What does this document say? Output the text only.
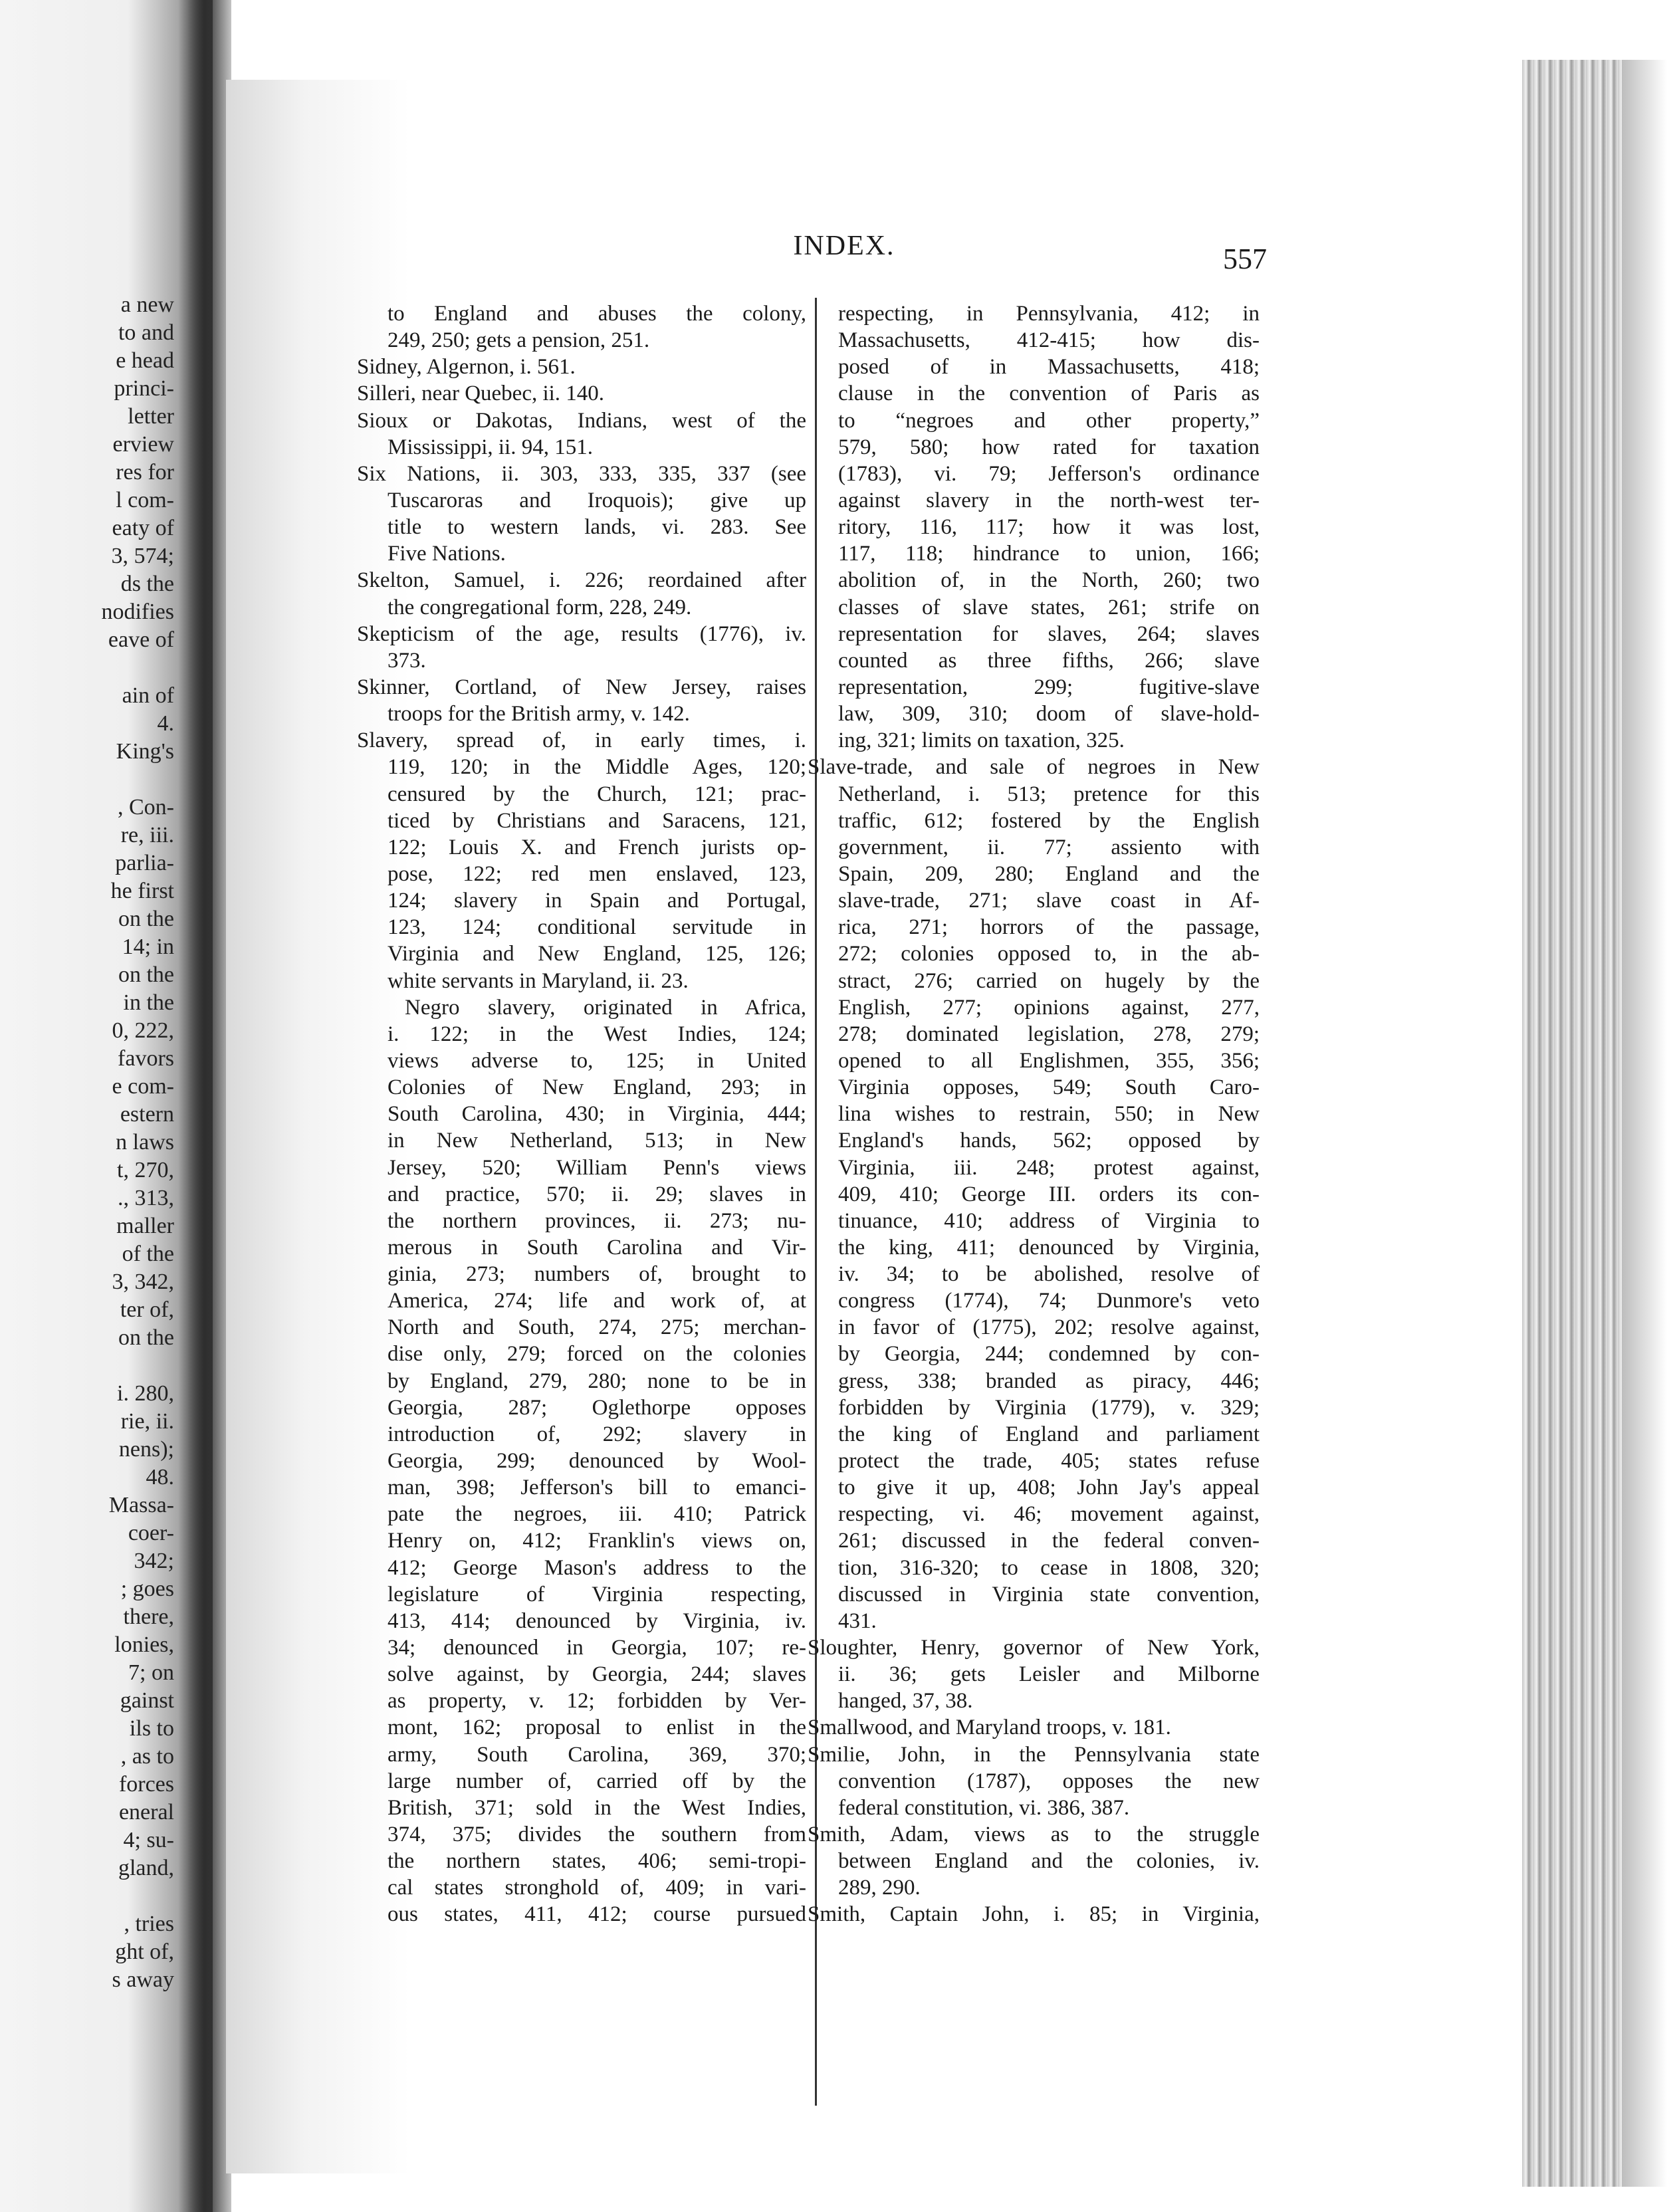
a new
to and
e head
princi-
letter
erview
res for
l com-
eaty of
3, 574;
ds the
nodifies
eave of
ain of
4.
King's
, Con-
re, iii.
parlia-
he first
on the
14; in
on the
in the
0, 222,
favors
e com-
estern
n laws
t, 270,
., 313,
maller
of the
3, 342,
ter of,
on the
i. 280,
rie, ii.
nens);
48.
Massa-
coer-
342;
; goes
there,
lonies,
7; on
gainst
ils to
, as to
forces
eneral
4; su-
gland,
, tries
ght of,
s away
INDEX.	557
to England and abuses the colony,
249, 250; gets a pension, 251.
Sidney, Algernon, i. 561.
Silleri, near Quebec, ii. 140.
Sioux or Dakotas, Indians, west of the
Mississippi, ii. 94, 151.
Six Nations, ii. 303, 333, 335, 337 (see
Tuscaroras and Iroquois); give up
title to western lands, vi. 283. See
Five Nations.
Skelton, Samuel, i. 226; reordained after
the congregational form, 228, 249.
Skepticism of the age, results (1776), iv.
373.
Skinner, Cortland, of New Jersey, raises
troops for the British army, v. 142.
Slavery, spread of, in early times, i.
119, 120; in the Middle Ages, 120;
censured by the Church, 121; prac-
ticed by Christians and Saracens, 121,
122; Louis X. and French jurists op-
pose, 122; red men enslaved, 123,
124; slavery in Spain and Portugal,
123, 124; conditional servitude in
Virginia and New England, 125, 126;
white servants in Maryland, ii. 23.
Negro slavery, originated in Africa,
i. 122; in the West Indies, 124;
views adverse to, 125; in United
Colonies of New England, 293; in
South Carolina, 430; in Virginia, 444;
in New Netherland, 513; in New
Jersey, 520; William Penn's views
and practice, 570; ii. 29; slaves in
the northern provinces, ii. 273; nu-
merous in South Carolina and Vir-
ginia, 273; numbers of, brought to
America, 274; life and work of, at
North and South, 274, 275; merchan-
dise only, 279; forced on the colonies
by England, 279, 280; none to be in
Georgia, 287; Oglethorpe opposes
introduction of, 292; slavery in
Georgia, 299; denounced by Wool-
man, 398; Jefferson's bill to emanci-
pate the negroes, iii. 410; Patrick
Henry on, 412; Franklin's views on,
412; George Mason's address to the
legislature of Virginia respecting,
413, 414; denounced by Virginia, iv.
34; denounced in Georgia, 107; re-
solve against, by Georgia, 244; slaves
as property, v. 12; forbidden by Ver-
mont, 162; proposal to enlist in the
army, South Carolina, 369, 370;
large number of, carried off by the
British, 371; sold in the West Indies,
374, 375; divides the southern from
the northern states, 406; semi-tropi-
cal states stronghold of, 409; in vari-
ous states, 411, 412; course pursued
respecting, in Pennsylvania, 412; in
Massachusetts, 412-415; how dis-
posed of in Massachusetts, 418;
clause in the convention of Paris as
to “negroes and other property,”
579, 580; how rated for taxation
(1783), vi. 79; Jefferson's ordinance
against slavery in the north-west ter-
ritory, 116, 117; how it was lost,
117, 118; hindrance to union, 166;
abolition of, in the North, 260; two
classes of slave states, 261; strife on
representation for slaves, 264; slaves
counted as three fifths, 266; slave
representation, 299; fugitive-slave
law, 309, 310; doom of slave-hold-
ing, 321; limits on taxation, 325.
Slave-trade, and sale of negroes in New
Netherland, i. 513; pretence for this
traffic, 612; fostered by the English
government, ii. 77; assiento with
Spain, 209, 280; England and the
slave-trade, 271; slave coast in Af-
rica, 271; horrors of the passage,
272; colonies opposed to, in the ab-
stract, 276; carried on hugely by the
English, 277; opinions against, 277,
278; dominated legislation, 278, 279;
opened to all Englishmen, 355, 356;
Virginia opposes, 549; South Caro-
lina wishes to restrain, 550; in New
England's hands, 562; opposed by
Virginia, iii. 248; protest against,
409, 410; George III. orders its con-
tinuance, 410; address of Virginia to
the king, 411; denounced by Virginia,
iv. 34; to be abolished, resolve of
congress (1774), 74; Dunmore's veto
in favor of (1775), 202; resolve against,
by Georgia, 244; condemned by con-
gress, 338; branded as piracy, 446;
forbidden by Virginia (1779), v. 329;
the king of England and parliament
protect the trade, 405; states refuse
to give it up, 408; John Jay's appeal
respecting, vi. 46; movement against,
261; discussed in the federal conven-
tion, 316-320; to cease in 1808, 320;
discussed in Virginia state convention,
431.
Sloughter, Henry, governor of New York,
ii. 36; gets Leisler and Milborne
hanged, 37, 38.
Smallwood, and Maryland troops, v. 181.
Smilie, John, in the Pennsylvania state
convention (1787), opposes the new
federal constitution, vi. 386, 387.
Smith, Adam, views as to the struggle
between England and the colonies, iv.
289, 290.
Smith, Captain John, i. 85; in Virginia,
